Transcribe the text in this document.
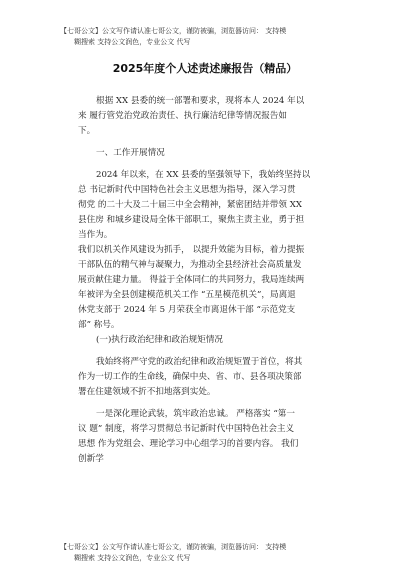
【七哥公文】公文写作请认准七哥公文，谨防被骗，浏览器访问： 支持模
糊搜索 支持公文润色，专业公文 代写
2025年度个人述责述廉报告（精品）

根据 XX 县委的统一部署和要求，现将本人 2024 年以
来 履行管党治党政治责任、执行廉洁纪律等情况报告如
下。

一、工作开展情况

2024 年以来，在 XX 县委的坚强领导下，我始终坚持以
总 书记新时代中国特色社会主义思想为指导，深入学习贯
彻党 的二十大及二十届三中全会精神，紧密团结并带领 XX
县住房 和城乡建设局全体干部职工，聚焦主责主业，勇于担
当作为。

我们以机关作风建设为抓手， 以提升效能为目标，着力提振
干部队伍的精气神与凝聚力，为推动全县经济社会高质量发
展贡献住建力量。 得益于全体同仁的共同努力，我局连续两
年被评为全县创建模范机关工作 “五星模范机关”，局离退
休党支部于 2024 年 5 月荣获全市离退休干部 “示范党支
部” 称号。

(一)执行政治纪律和政治规矩情况

我始终将严守党的政治纪律和政治规矩置于首位，将其
作为一切工作的生命线，确保中央、省、市、县各项决策部
署在住建领域不折不扣地落到实处。

一是深化理论武装，筑牢政治忠诚。 严格落实 “第一
议 题” 制度，将学习贯彻总书记新时代中国特色社会主义
思想 作为党组会、理论学习中心组学习的首要内容。 我们
创新学

【七哥公文】公文写作请认准七哥公文，谨防被骗，浏览器访问： 支持模
糊搜索 支持公文润色，专业公文 代写
